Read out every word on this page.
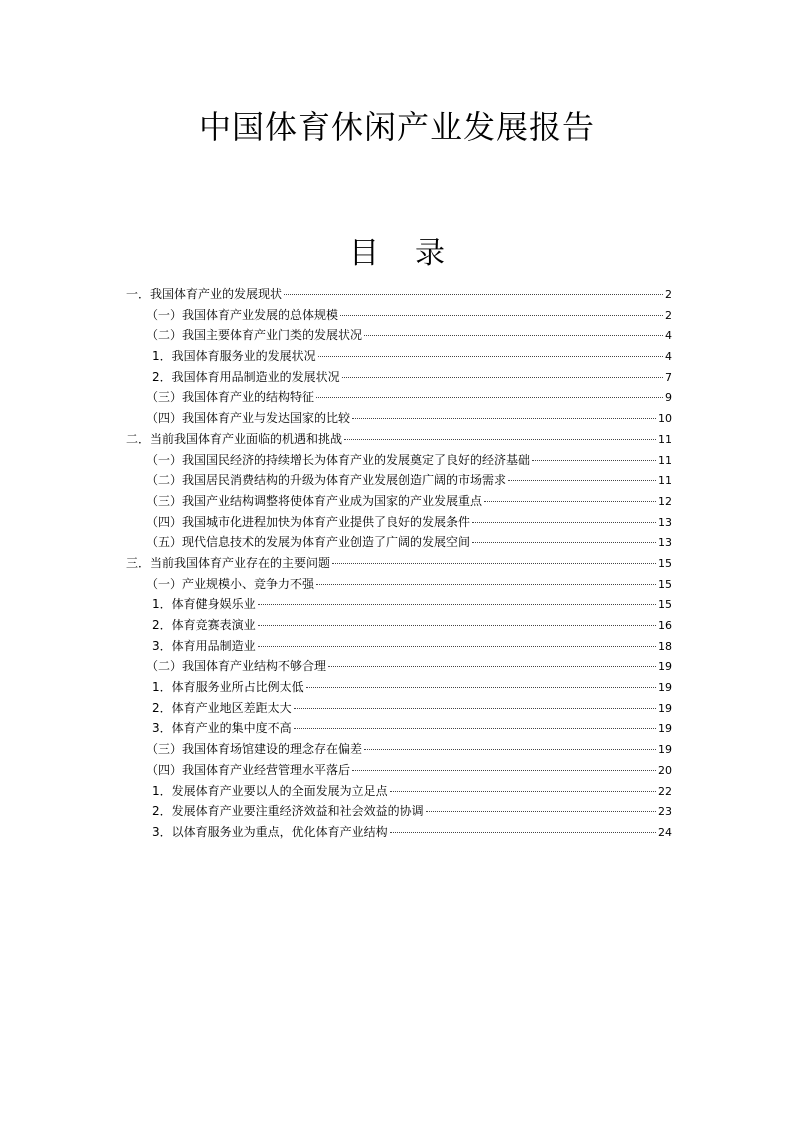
中国体育休闲产业发展报告
目录
一．我国体育产业的发展现状	2
（一）我国体育产业发展的总体规模	2
（二）我国主要体育产业门类的发展状况	4
1．我国体育服务业的发展状况	4
2．我国体育用品制造业的发展状况	7
（三）我国体育产业的结构特征	9
（四）我国体育产业与发达国家的比较	10
二．当前我国体育产业面临的机遇和挑战	11
（一）我国国民经济的持续增长为体育产业的发展奠定了良好的经济基础	11
（二）我国居民消费结构的升级为体育产业发展创造广阔的市场需求	11
（三）我国产业结构调整将使体育产业成为国家的产业发展重点	12
（四）我国城市化进程加快为体育产业提供了良好的发展条件	13
（五）现代信息技术的发展为体育产业创造了广阔的发展空间	13
三．当前我国体育产业存在的主要问题	15
（一）产业规模小、竞争力不强	15
1．体育健身娱乐业	15
2．体育竞赛表演业	16
3．体育用品制造业	18
（二）我国体育产业结构不够合理	19
1．体育服务业所占比例太低	19
2．体育产业地区差距太大	19
3．体育产业的集中度不高	19
（三）我国体育场馆建设的理念存在偏差	19
（四）我国体育产业经营管理水平落后	20
1．发展体育产业要以人的全面发展为立足点	22
2．发展体育产业要注重经济效益和社会效益的协调	23
3．以体育服务业为重点，优化体育产业结构	24
